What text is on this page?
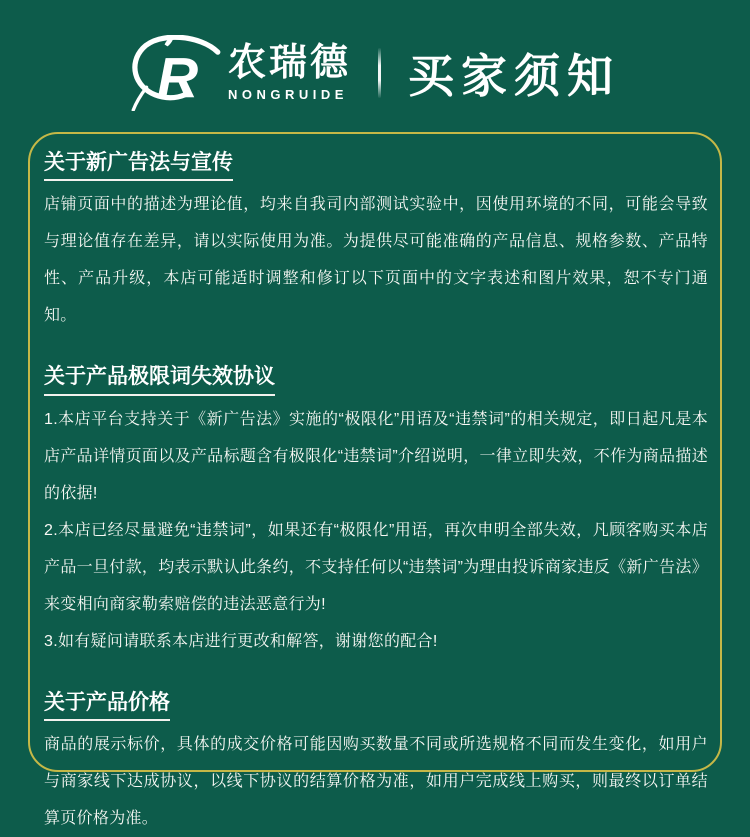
R 农瑞德
NONGRUIDE 买家须知
关于新广告法与宣传

店铺页面中的描述为理论值，均来自我司内部测试实验中，因使用环境的不同，可能会导致与理论值存在差异，请以实际使用为准。为提供尽可能准确的产品信息、规格参数、产品特性、产品升级，本店可能适时调整和修订以下页面中的文字表述和图片效果，恕不专门通知。

关于产品极限词失效协议

1.本店平台支持关于《新广告法》实施的“极限化”用语及“违禁词”的相关规定，即日起凡是本店产品详情页面以及产品标题含有极限化“违禁词”介绍说明，一律立即失效，不作为商品描述的依据!

2.本店已经尽量避免“违禁词”，如果还有“极限化”用语，再次申明全部失效，凡顾客购买本店产品一旦付款，均表示默认此条约，不支持任何以“违禁词”为理由投诉商家违反《新广告法》来变相向商家勒索赔偿的违法恶意行为!

3.如有疑问请联系本店进行更改和解答，谢谢您的配合!

关于产品价格

商品的展示标价，具体的成交价格可能因购买数量不同或所选规格不同而发生变化，如用户与商家线下达成协议，以线下协议的结算价格为准，如用户完成线上购买，则最终以订单结算页价格为准。
